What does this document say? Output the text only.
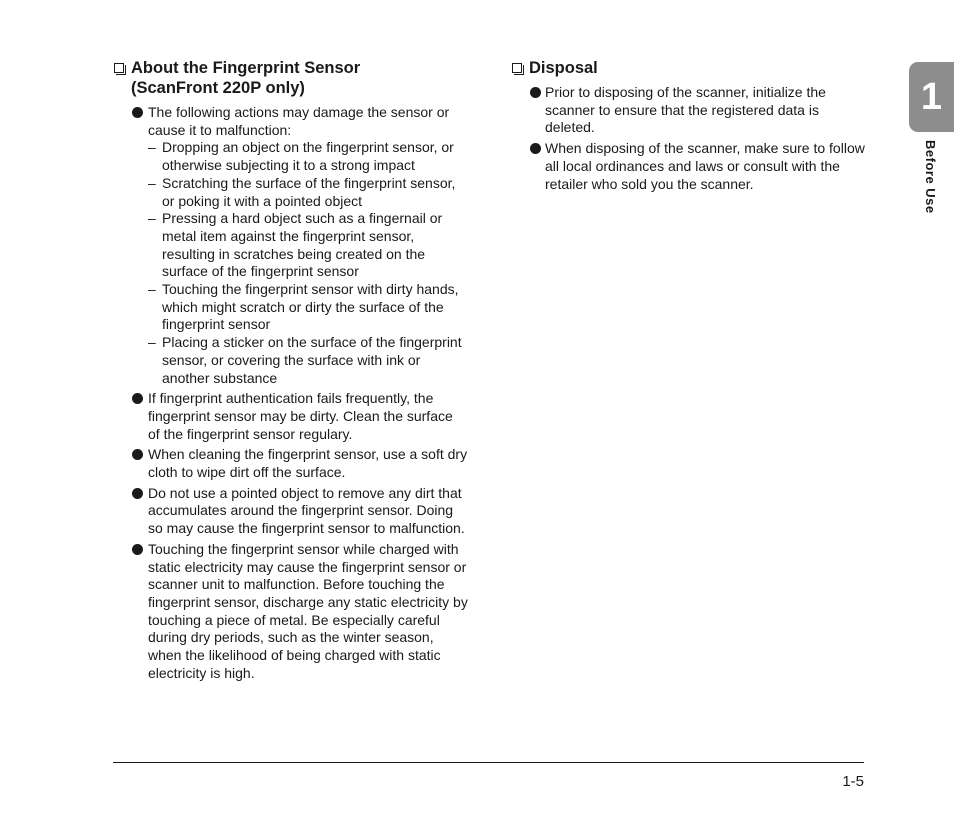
About the Fingerprint Sensor
(ScanFront 220P only)
The following actions may damage the sensor or cause it to malfunction:
– Dropping an object on the fingerprint sensor, or otherwise subjecting it to a strong impact
– Scratching the surface of the fingerprint sensor, or poking it with a pointed object
– Pressing a hard object such as a fingernail or metal item against the fingerprint sensor, resulting in scratches being created on the surface of the fingerprint sensor
– Touching the fingerprint sensor with dirty hands, which might scratch or dirty the surface of the fingerprint sensor
– Placing a sticker on the surface of the fingerprint sensor, or covering the surface with ink or another substance
If fingerprint authentication fails frequently, the fingerprint sensor may be dirty. Clean the surface of the fingerprint sensor regulary.
When cleaning the fingerprint sensor, use a soft dry cloth to wipe dirt off the surface.
Do not use a pointed object to remove any dirt that accumulates around the fingerprint sensor. Doing so may cause the fingerprint sensor to malfunction.
Touching the fingerprint sensor while charged with static electricity may cause the fingerprint sensor or scanner unit to malfunction. Before touching the fingerprint sensor, discharge any static electricity by touching a piece of metal. Be especially careful during dry periods, such as the winter season, when the likelihood of being charged with static electricity is high.
Disposal
Prior to disposing of the scanner, initialize the scanner to ensure that the registered data is deleted.
When disposing of the scanner, make sure to follow all local ordinances and laws or consult with the retailer who sold you the scanner.
1
Before Use
1-5
